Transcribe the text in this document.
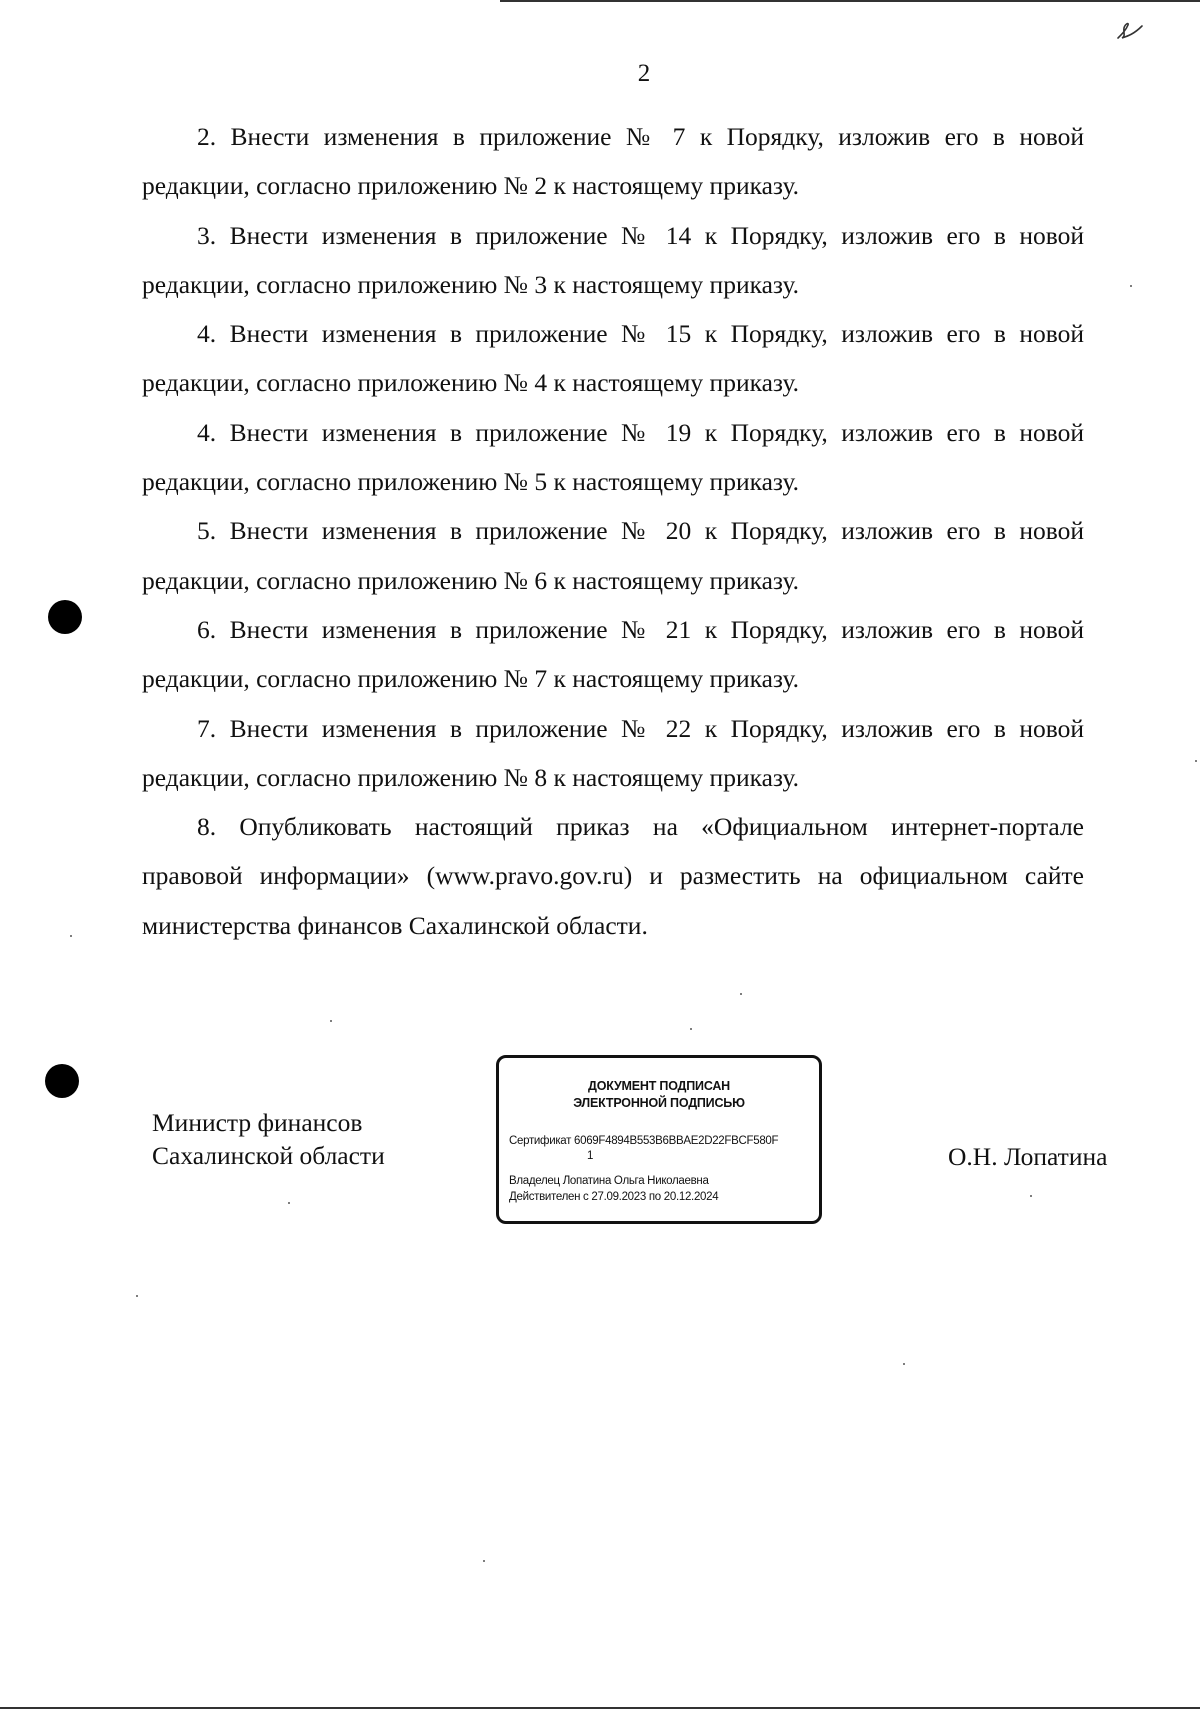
2

2. Внести изменения в приложение № 7 к Порядку, изложив его в новой редакции, согласно приложению № 2 к настоящему приказу.

3. Внести изменения в приложение № 14 к Порядку, изложив его в новой редакции, согласно приложению № 3 к настоящему приказу.

4. Внести изменения в приложение № 15 к Порядку, изложив его в новой редакции, согласно приложению № 4 к настоящему приказу.

4. Внести изменения в приложение № 19 к Порядку, изложив его в новой редакции, согласно приложению № 5 к настоящему приказу.

5. Внести изменения в приложение № 20 к Порядку, изложив его в новой редакции, согласно приложению № 6 к настоящему приказу.

6. Внести изменения в приложение № 21 к Порядку, изложив его в новой редакции, согласно приложению № 7 к настоящему приказу.

7. Внести изменения в приложение № 22 к Порядку, изложив его в новой редакции, согласно приложению № 8 к настоящему приказу.

8. Опубликовать настоящий приказ на «Официальном интернет-портале правовой информации» (www.pravo.gov.ru) и разместить на официальном сайте министерства финансов Сахалинской области.

Министр финансов
Сахалинской области
ДОКУМЕНТ ПОДПИСАН
ЭЛЕКТРОННОЙ ПОДПИСЬЮ
Сертификат 6069F4894B553B6BBAE2D22FBCF580F
1
Владелец Лопатина Ольга Николаевна
Действителен с 27.09.2023 по 20.12.2024
О.Н. Лопатина
